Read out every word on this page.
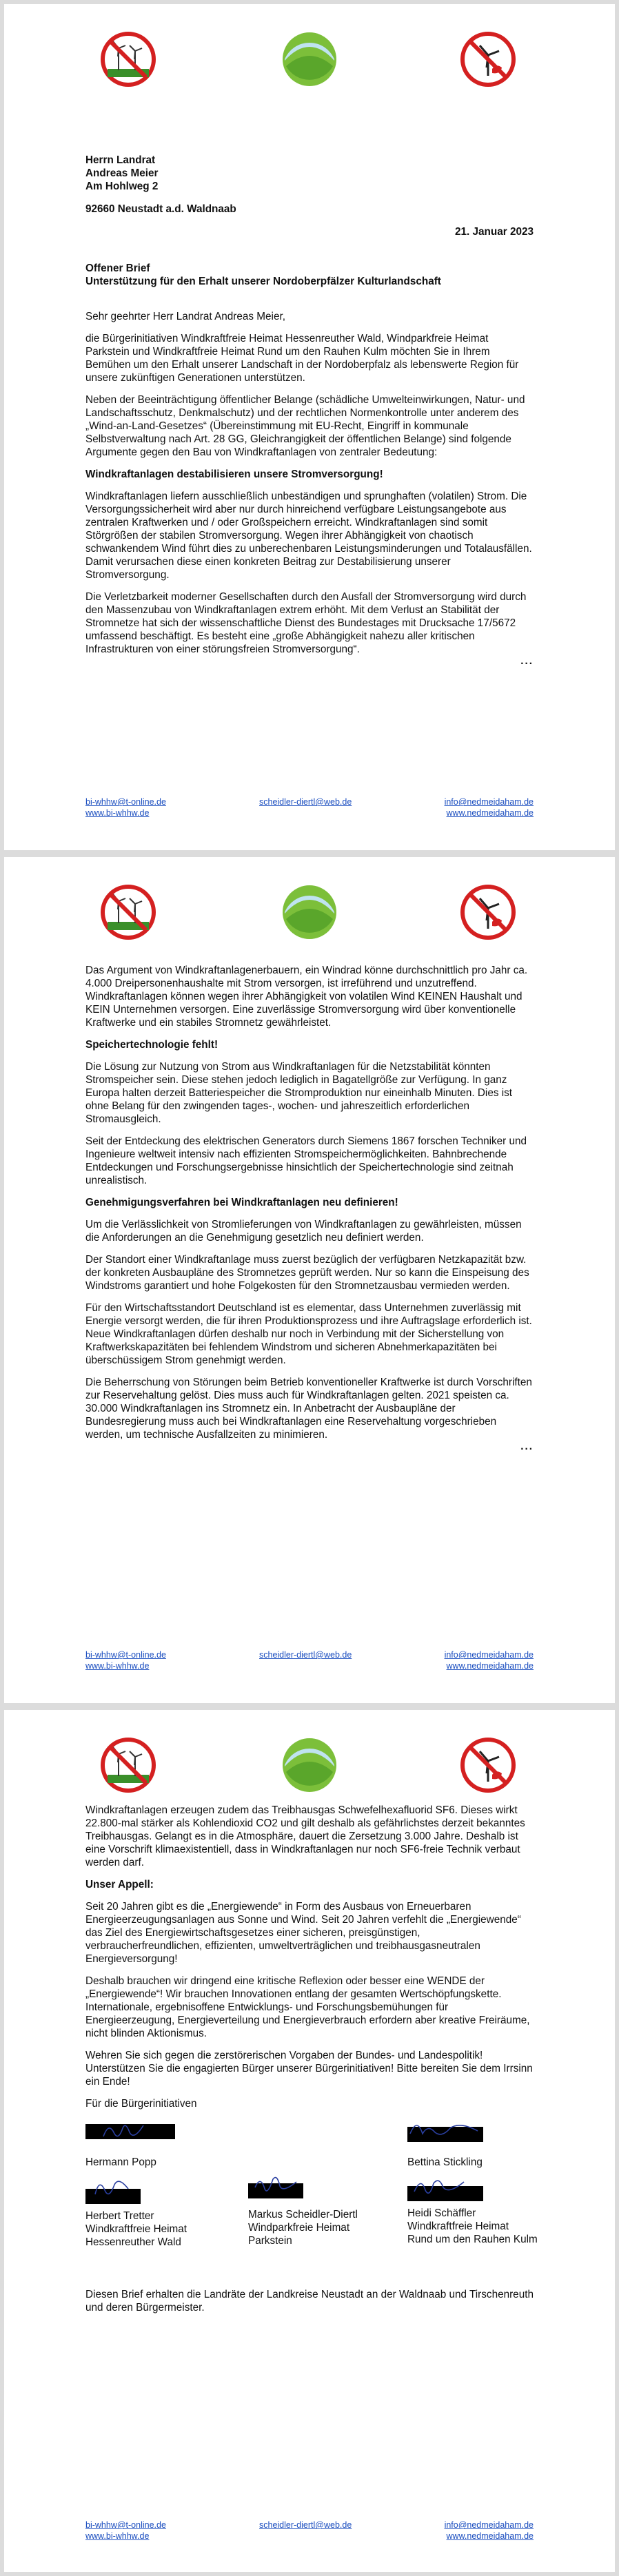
Herrn Landrat
Andreas Meier
Am Hohlweg 2
92660 Neustadt a.d. Waldnaab
21. Januar 2023
Offener Brief
Unterstützung für den Erhalt unserer Nordoberpfälzer Kulturlandschaft

Sehr geehrter Herr Landrat Andreas Meier,

die Bürgerinitiativen Windkraftfreie Heimat Hessenreuther Wald, Windparkfreie Heimat Parkstein und Windkraftfreie Heimat Rund um den Rauhen Kulm möchten Sie in Ihrem Bemühen um den Erhalt unserer Landschaft in der Nordoberpfalz als lebenswerte Region für unsere zukünftigen Generationen unterstützen.

Neben der Beeinträchtigung öffentlicher Belange (schädliche Umwelteinwirkungen, Natur- und Landschaftsschutz, Denkmalschutz) und der rechtlichen Normenkontrolle unter anderem des „Wind-an-Land-Gesetzes“ (Übereinstimmung mit EU-Recht, Eingriff in kommunale Selbstverwaltung nach Art. 28 GG, Gleichrangigkeit der öffentlichen Belange) sind folgende Argumente gegen den Bau von Windkraftanlagen von zentraler Bedeutung:

Windkraftanlagen destabilisieren unsere Stromversorgung!

Windkraftanlagen liefern ausschließlich unbeständigen und sprunghaften (volatilen) Strom. Die Versorgungssicherheit wird aber nur durch hinreichend verfügbare Leistungsangebote aus zentralen Kraftwerken und / oder Großspeichern erreicht. Windkraftanlagen sind somit Störgrößen der stabilen Stromversorgung. Wegen ihrer Abhängigkeit von chaotisch schwankendem Wind führt dies zu unberechenbaren Leistungsminderungen und Totalausfällen. Damit verursachen diese einen konkreten Beitrag zur Destabilisierung unserer Stromversorgung.

Die Verletzbarkeit moderner Gesellschaften durch den Ausfall der Stromversorgung wird durch den Massenzubau von Windkraftanlagen extrem erhöht. Mit dem Verlust an Stabilität der Stromnetze hat sich der wissenschaftliche Dienst des Bundestages mit Drucksache 17/5672 umfassend beschäftigt. Es besteht eine „große Abhängigkeit nahezu aller kritischen Infrastrukturen von einer störungsfreien Stromversorgung“.

...
bi-whhw@t-online.de
www.bi-whhw.de
scheidler-diertl@web.de	info@nedmeidaham.de
www.nedmeidaham.de

Das Argument von Windkraftanlagenerbauern, ein Windrad könne durchschnittlich pro Jahr ca. 4.000 Dreipersonenhaushalte mit Strom versorgen, ist irreführend und unzutreffend. Windkraftanlagen können wegen ihrer Abhängigkeit von volatilen Wind KEINEN Haushalt und KEIN Unternehmen versorgen. Eine zuverlässige Stromversorgung wird über konventionelle Kraftwerke und ein stabiles Stromnetz gewährleistet.

Speichertechnologie fehlt!

Die Lösung zur Nutzung von Strom aus Windkraftanlagen für die Netzstabilität könnten Stromspeicher sein. Diese stehen jedoch lediglich in Bagatellgröße zur Verfügung. In ganz Europa halten derzeit Batteriespeicher die Stromproduktion nur eineinhalb Minuten. Dies ist ohne Belang für den zwingenden tages-, wochen- und jahreszeitlich erforderlichen Stromausgleich.

Seit der Entdeckung des elektrischen Generators durch Siemens 1867 forschen Techniker und Ingenieure weltweit intensiv nach effizienten Stromspeichermöglichkeiten. Bahnbrechende Entdeckungen und Forschungsergebnisse hinsichtlich der Speichertechnologie sind zeitnah unrealistisch.

Genehmigungsverfahren bei Windkraftanlagen neu definieren!

Um die Verlässlichkeit von Stromlieferungen von Windkraftanlagen zu gewährleisten, müssen die Anforderungen an die Genehmigung gesetzlich neu definiert werden.

Der Standort einer Windkraftanlage muss zuerst bezüglich der verfügbaren Netzkapazität bzw. der konkreten Ausbaupläne des Stromnetzes geprüft werden. Nur so kann die Einspeisung des Windstroms garantiert und hohe Folgekosten für den Stromnetzausbau vermieden werden.

Für den Wirtschaftsstandort Deutschland ist es elementar, dass Unternehmen zuverlässig mit Energie versorgt werden, die für ihren Produktionsprozess und ihre Auftragslage erforderlich ist. Neue Windkraftanlagen dürfen deshalb nur noch in Verbindung mit der Sicherstellung von Kraftwerkskapazitäten bei fehlendem Windstrom und sicheren Abnehmerkapazitäten bei überschüssigem Strom genehmigt werden.

Die Beherrschung von Störungen beim Betrieb konventioneller Kraftwerke ist durch Vorschriften zur Reservehaltung gelöst. Dies muss auch für Windkraftanlagen gelten. 2021 speisten ca. 30.000 Windkraftanlagen ins Stromnetz ein. In Anbetracht der Ausbaupläne der Bundesregierung muss auch bei Windkraftanlagen eine Reservehaltung vorgeschrieben werden, um technische Ausfallzeiten zu minimieren.

...
bi-whhw@t-online.de
www.bi-whhw.de
scheidler-diertl@web.de	info@nedmeidaham.de
www.nedmeidaham.de

Windkraftanlagen erzeugen zudem das Treibhausgas Schwefelhexafluorid SF6. Dieses wirkt 22.800-mal stärker als Kohlendioxid CO2 und gilt deshalb als gefährlichstes derzeit bekanntes Treibhausgas. Gelangt es in die Atmosphäre, dauert die Zersetzung 3.000 Jahre. Deshalb ist eine Vorschrift klimaexistentiell, dass in Windkraftanlagen nur noch SF6-freie Technik verbaut werden darf.

Unser Appell:

Seit 20 Jahren gibt es die „Energiewende“ in Form des Ausbaus von Erneuerbaren Energieerzeugungsanlagen aus Sonne und Wind. Seit 20 Jahren verfehlt die „Energiewende“ das Ziel des Energiewirtschaftsgesetzes einer sicheren, preisgünstigen, verbraucherfreundlichen, effizienten, umweltverträglichen und treibhausgasneutralen Energieversorgung!

Deshalb brauchen wir dringend eine kritische Reflexion oder besser eine WENDE der „Energiewende“! Wir brauchen Innovationen entlang der gesamten Wertschöpfungskette. Internationale, ergebnisoffene Entwicklungs- und Forschungsbemühungen für Energieerzeugung, Energieverteilung und Energieverbrauch erfordern aber kreative Freiräume, nicht blinden Aktionismus.

Wehren Sie sich gegen die zerstörerischen Vorgaben der Bundes- und Landespolitik! Unterstützen Sie die engagierten Bürger unserer Bürgerinitiativen! Bitte bereiten Sie dem Irrsinn ein Ende!

Für die Bürgerinitiativen

Hermann Popp	Bettina Stickling
Herbert Tretter
Windkraftfreie Heimat
Hessenreuther Wald
Markus Scheidler-Diertl
Windparkfreie Heimat
Parkstein
Heidi Schäffler
Windkraftfreie Heimat
Rund um den Rauhen Kulm

Diesen Brief erhalten die Landräte der Landkreise Neustadt an der Waldnaab und Tirschenreuth und deren Bürgermeister.

bi-whhw@t-online.de
www.bi-whhw.de
scheidler-diertl@web.de	info@nedmeidaham.de
www.nedmeidaham.de
